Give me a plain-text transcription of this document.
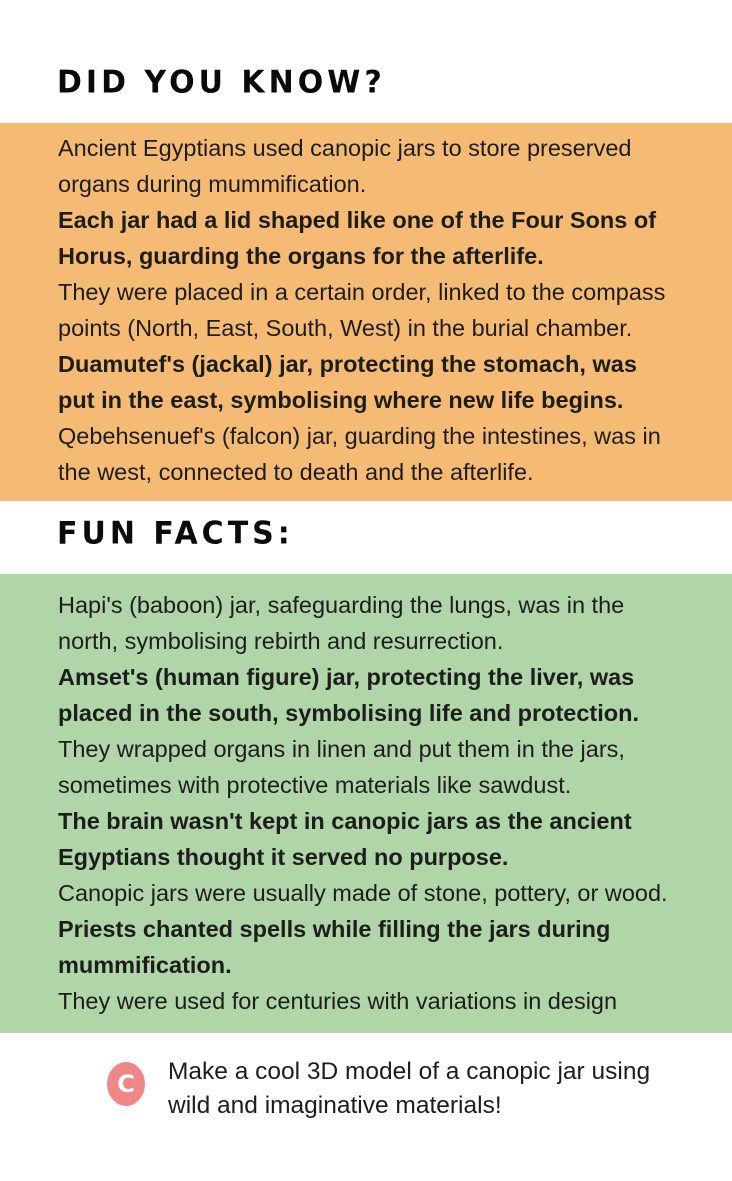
DID YOU KNOW?
Ancient Egyptians used canopic jars to store preserved
organs during mummification.
Each jar had a lid shaped like one of the Four Sons of
Horus, guarding the organs for the afterlife.
They were placed in a certain order, linked to the compass
points (North, East, South, West) in the burial chamber.
Duamutef's (jackal) jar, protecting the stomach, was
put in the east, symbolising where new life begins.
Qebehsenuef's (falcon) jar, guarding the intestines, was in
the west, connected to death and the afterlife.
FUN FACTS:
Hapi's (baboon) jar, safeguarding the lungs, was in the
north, symbolising rebirth and resurrection.
Amset's (human figure) jar, protecting the liver, was
placed in the south, symbolising life and protection.
They wrapped organs in linen and put them in the jars,
sometimes with protective materials like sawdust.
The brain wasn't kept in canopic jars as the ancient
Egyptians thought it served no purpose.
Canopic jars were usually made of stone, pottery, or wood.
Priests chanted spells while filling the jars during
mummification.
They were used for centuries with variations in design
C Make a cool 3D model of a canopic jar using
wild and imaginative materials!
